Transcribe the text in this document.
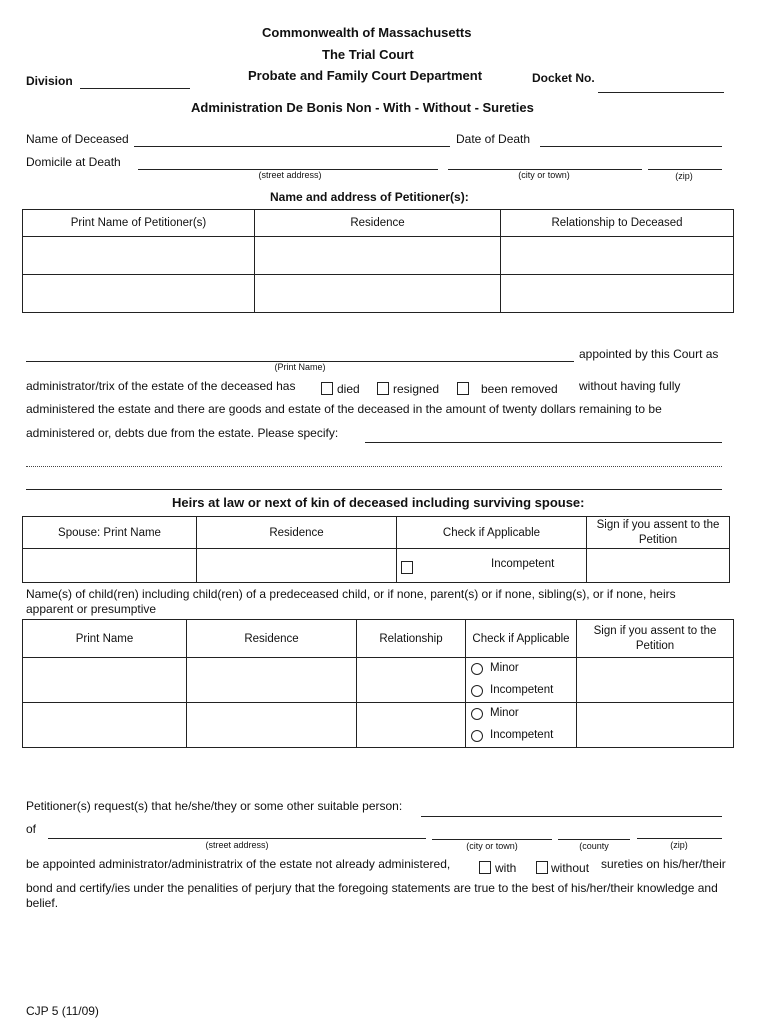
Commonwealth of Massachusetts
The Trial Court
Probate and Family Court Department
Division	Docket No.
Administration De Bonis Non - With - Without - Sureties
Name of Deceased	Date of Death
Domicile at Death
(street address)	(city or town)	(zip)
Name and address of Petitioner(s):
Print Name of Petitioner(s)	Residence	Relationship to Deceased

appointed by this Court as
(Print Name)
administrator/trix of the estate of the deceased has	died	resigned	been removed without having fully
administered the estate and there are goods and estate of the deceased in the amount of twenty dollars remaining to be
administered or, debts due from the estate. Please specify:
Heirs at law or next of kin of deceased including surviving spouse:
Spouse: Print Name	Residence	Check if Applicable	Sign if you assent to the Petition

		Incompetent	

Name(s) of child(ren) including child(ren) of a predeceased child, or if none, parent(s) or if none, sibling(s), or if none, heirs apparent or presumptive
Print Name	Residence	Relationship	Check if Applicable	Sign if you assent to the Petition

			Minor
Incompetent	

			Minor
Incompetent	

Petitioner(s) request(s) that he/she/they or some other suitable person:
of
(street address)	(city or town)	(county	(zip)
be appointed administrator/administratrix of the estate not already administered,	with	without sureties on his/her/their
bond and certify/ies under the penalities of perjury that the foregoing statements are true to the best of his/her/their knowledge and belief.
CJP 5 (11/09)
